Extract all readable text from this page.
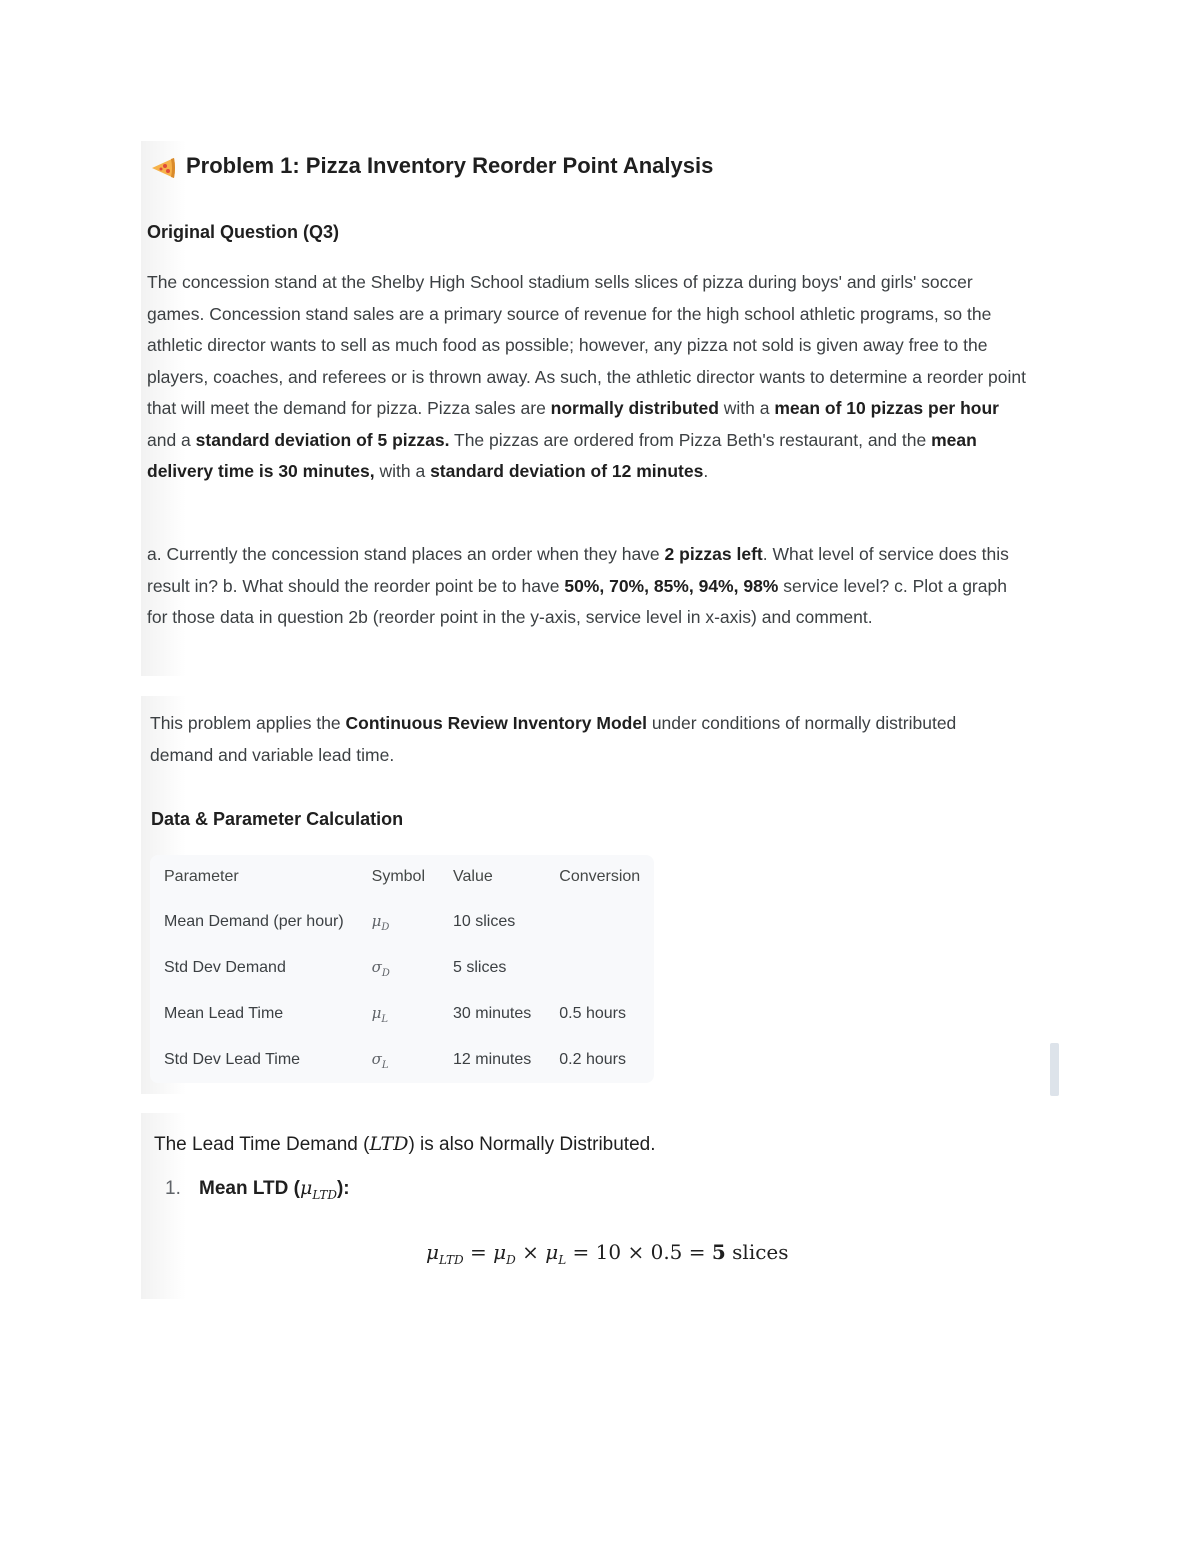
Problem 1: Pizza Inventory Reorder Point Analysis
Original Question (Q3)

The concession stand at the Shelby High School stadium sells slices of pizza during boys' and girls' soccer games. Concession stand sales are a primary source of revenue for the high school athletic programs, so the athletic director wants to sell as much food as possible; however, any pizza not sold is given away free to the players, coaches, and referees or is thrown away. As such, the athletic director wants to determine a reorder point that will meet the demand for pizza. Pizza sales are normally distributed with a mean of 10 pizzas per hour and a standard deviation of 5 pizzas. The pizzas are ordered from Pizza Beth's restaurant, and the mean delivery time is 30 minutes, with a standard deviation of 12 minutes.

a. Currently the concession stand places an order when they have 2 pizzas left. What level of service does this result in? b. What should the reorder point be to have 50%, 70%, 85%, 94%, 98% service level? c. Plot a graph for those data in question 2b (reorder point in the y-axis, service level in x-axis) and comment.

This problem applies the Continuous Review Inventory Model under conditions of normally distributed demand and variable lead time.

Data & Parameter Calculation
Parameter	Symbol	Value	Conversion
Mean Demand (per hour)	$\mu_D$	10 slices	
Std Dev Demand	$\sigma_D$	5 slices	
Mean Lead Time	$\mu_L$	30 minutes	0.5 hours
Std Dev Lead Time	$\sigma_L$	12 minutes	0.2 hours
The Lead Time Demand (LTD) is also Normally Distributed.
1. Mean LTD $(\mu_{LTD})$:
$\mu_{LTD} = \mu_D \times \mu_L = 10 \times 0.5 = 5$ slices
